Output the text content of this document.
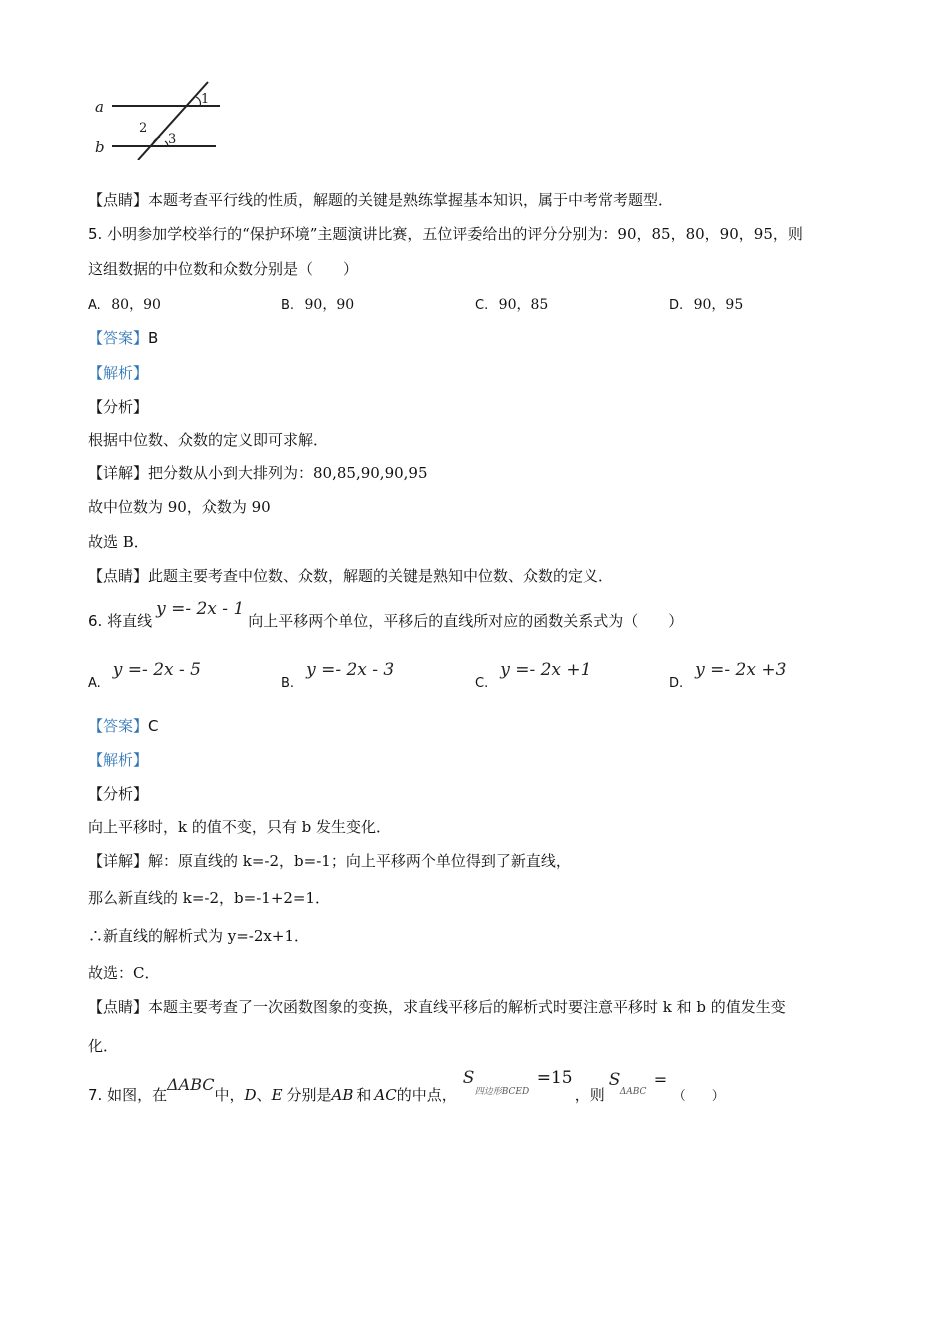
a
b
1
2
3
【点睛】本题考查平行线的性质，解题的关键是熟练掌握基本知识，属于中考常考题型．
5. 小明参加学校举行的“保护环境”主题演讲比赛，五位评委给出的评分分别为：90，85，80，90，95，则
这组数据的中位数和众数分别是（　　）
A. 80，90	B. 90，90	C. 90，85	D. 90，95
【答案】B
【解析】
【分析】
根据中位数、众数的定义即可求解．
【详解】把分数从小到大排列为：80,85,90,90,95
故中位数为 90，众数为 90
故选 B．
【点睛】此题主要考查中位数、众数，解题的关键是熟知中位数、众数的定义．
6. 将直线y =- 2x - 1向上平移两个单位，平移后的直线所对应的函数关系式为（　　）
A.y =- 2x - 5
B.y =- 2x - 3
C.y =- 2x +1
D.y =- 2x +3
【答案】C
【解析】
【分析】
向上平移时，k 的值不变，只有 b 发生变化．
【详解】解：原直线的 k=-2，b=-1；向上平移两个单位得到了新直线，
那么新直线的 k=-2，b=-1+2=1．
∴新直线的解析式为 y=-2x+1．
故选：C．
【点睛】本题主要考查了一次函数图象的变换，求直线平移后的解析式时要注意平移时 k 和 b 的值发生变
化．
7. 如图，在ΔABC中，D、E 分别是AB 和 AC的中点，
S
四边形BCED
=15
，则
S
ΔABC
=
（　　）
